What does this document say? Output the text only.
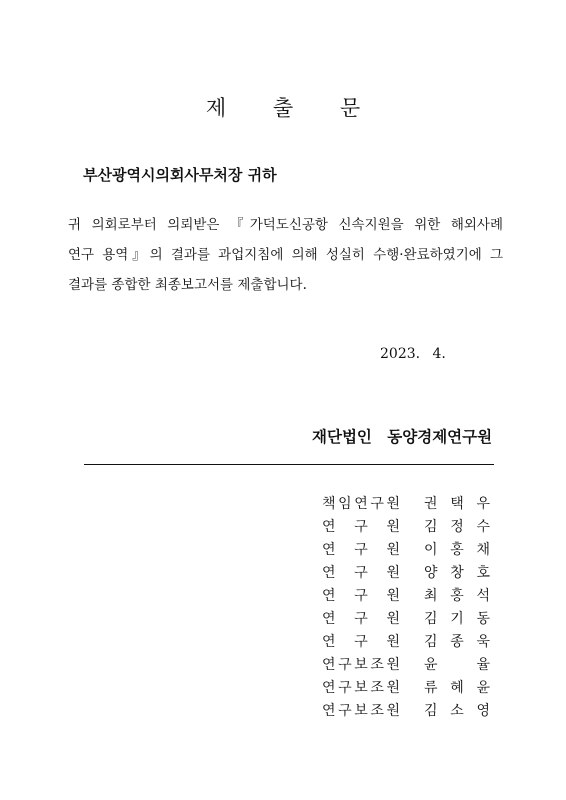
제 출 문
부산광역시의회사무처장 귀하

귀 의회로부터 의뢰받은 『가덕도신공항 신속지원을 위한 해외사례
연구 용역』의 결과를 과업지침에 의해 성실히 수행·완료하였기에 그
결과를 종합한 최종보고서를 제출합니다.

2023. 4.
재단법인 동양경제연구원
책 임 연 구 원 권 택 우
연 구 원 김 정 수
연 구 원 이 홍 채
연 구 원 양 창 호
연 구 원 최 홍 석
연 구 원 김 기 동
연 구 원 김 종 욱
연 구 보 조 원 윤	율
연 구 보 조 원 류 혜 윤
연 구 보 조 원 김 소 영
